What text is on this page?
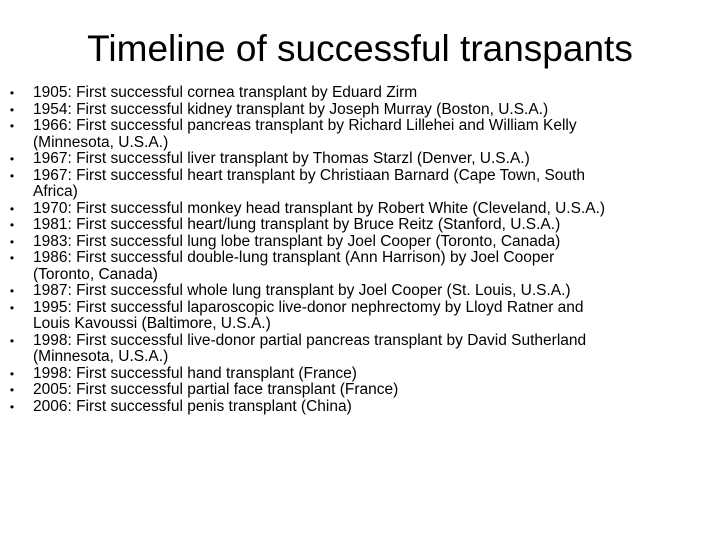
Timeline of successful transpants
• 1905: First successful cornea transplant by Eduard Zirm
• 1954: First successful kidney transplant by Joseph Murray (Boston, U.S.A.)
• 1966: First successful pancreas transplant by Richard Lillehei and William Kelly
(Minnesota, U.S.A.)
• 1967: First successful liver transplant by Thomas Starzl (Denver, U.S.A.)
• 1967: First successful heart transplant by Christiaan Barnard (Cape Town, South
Africa)
• 1970: First successful monkey head transplant by Robert White (Cleveland, U.S.A.)
• 1981: First successful heart/lung transplant by Bruce Reitz (Stanford, U.S.A.)
• 1983: First successful lung lobe transplant by Joel Cooper (Toronto, Canada)
• 1986: First successful double-lung transplant (Ann Harrison) by Joel Cooper
(Toronto, Canada)
• 1987: First successful whole lung transplant by Joel Cooper (St. Louis, U.S.A.)
• 1995: First successful laparoscopic live-donor nephrectomy by Lloyd Ratner and
Louis Kavoussi (Baltimore, U.S.A.)
• 1998: First successful live-donor partial pancreas transplant by David Sutherland
(Minnesota, U.S.A.)
• 1998: First successful hand transplant (France)
• 2005: First successful partial face transplant (France)
• 2006: First successful penis transplant (China)
